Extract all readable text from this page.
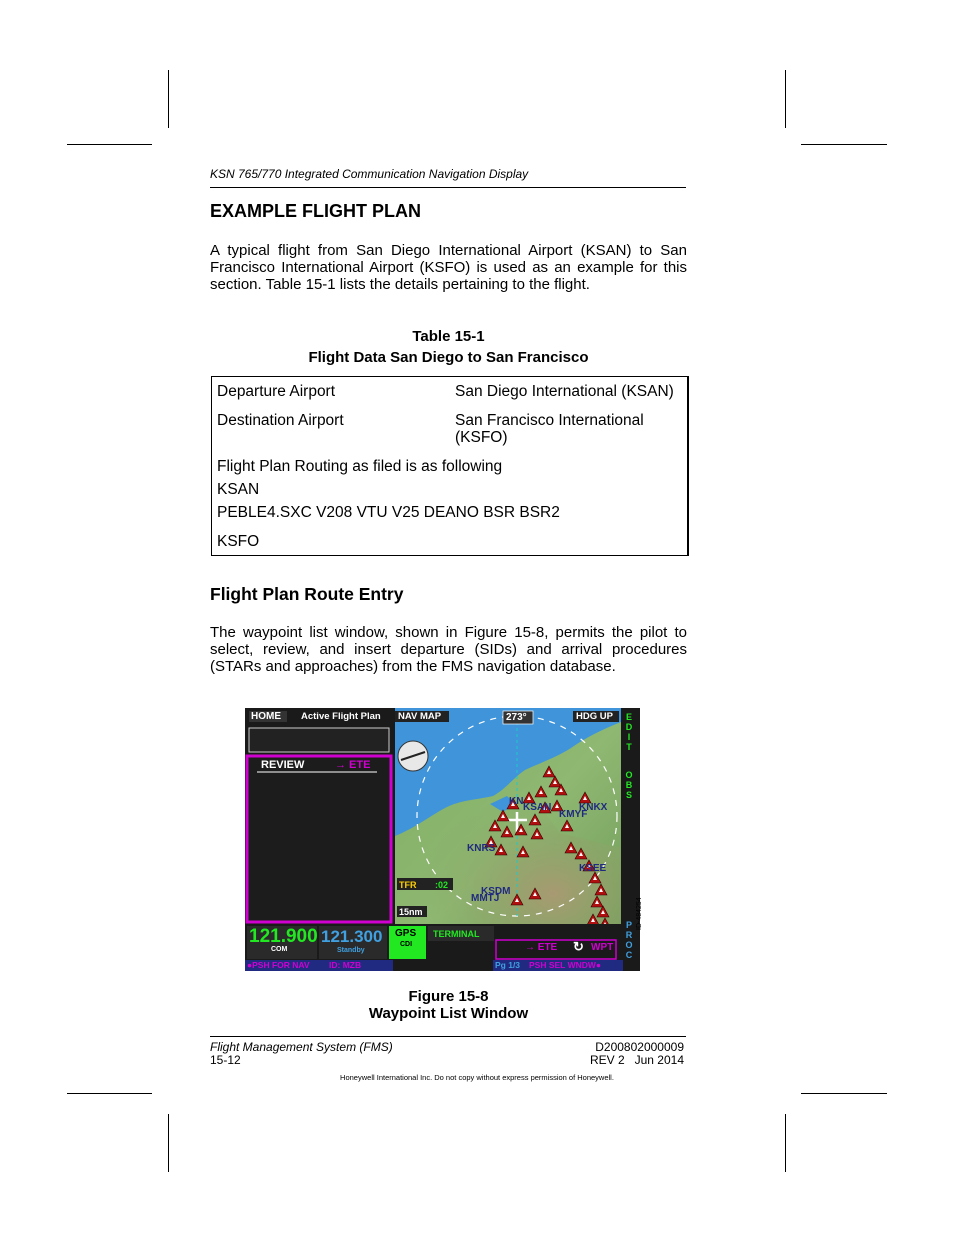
KSN 765/770 Integrated Communication Navigation Display
EXAMPLE FLIGHT PLAN
A typical flight from San Diego International Airport (KSAN) to San
Francisco International Airport (KSFO) is used as an example for this
section. Table 15-1 lists the details pertaining to the flight.
Table 15-1
Flight Data San Diego to San Francisco
Departure Airport	San Diego International (KSAN)
Destination Airport	San Francisco International
(KSFO)
Flight Plan Routing as filed is as following
KSAN
PEBLE4.SXC V208 VTU V25 DEANO BSR BSR2
KSFO
Flight Plan Route Entry
The waypoint list window, shown in Figure 15-8, permits the pilot to
select, review, and insert departure (SIDs) and arrival procedures
(STARs and approaches) from the FMS navigation database.
HOME Active Flight Plan NAV MAP	273°	HDG UP
REVIEW	→ ETE
E
D
I
T
O
B
S
P
R
O
C
KN
KNKX
KSAN
KMYF
KNRS
KSEE
KSDM
MMTJ
TFR :02
15nm
121.900
COM
121.300
Standby
GPS
CDI
TERMINAL
→ ETE ↻ WPT
●PSH FOR NAV ID: MZB	Pg 1/3 PSH SEL WNDW●
ID-484254
Figure 15-8
Waypoint List Window
Flight Management System (FMS)
15-12
D200802000009
REV 2   Jun 2014
Honeywell International Inc. Do not copy without express permission of Honeywell.
